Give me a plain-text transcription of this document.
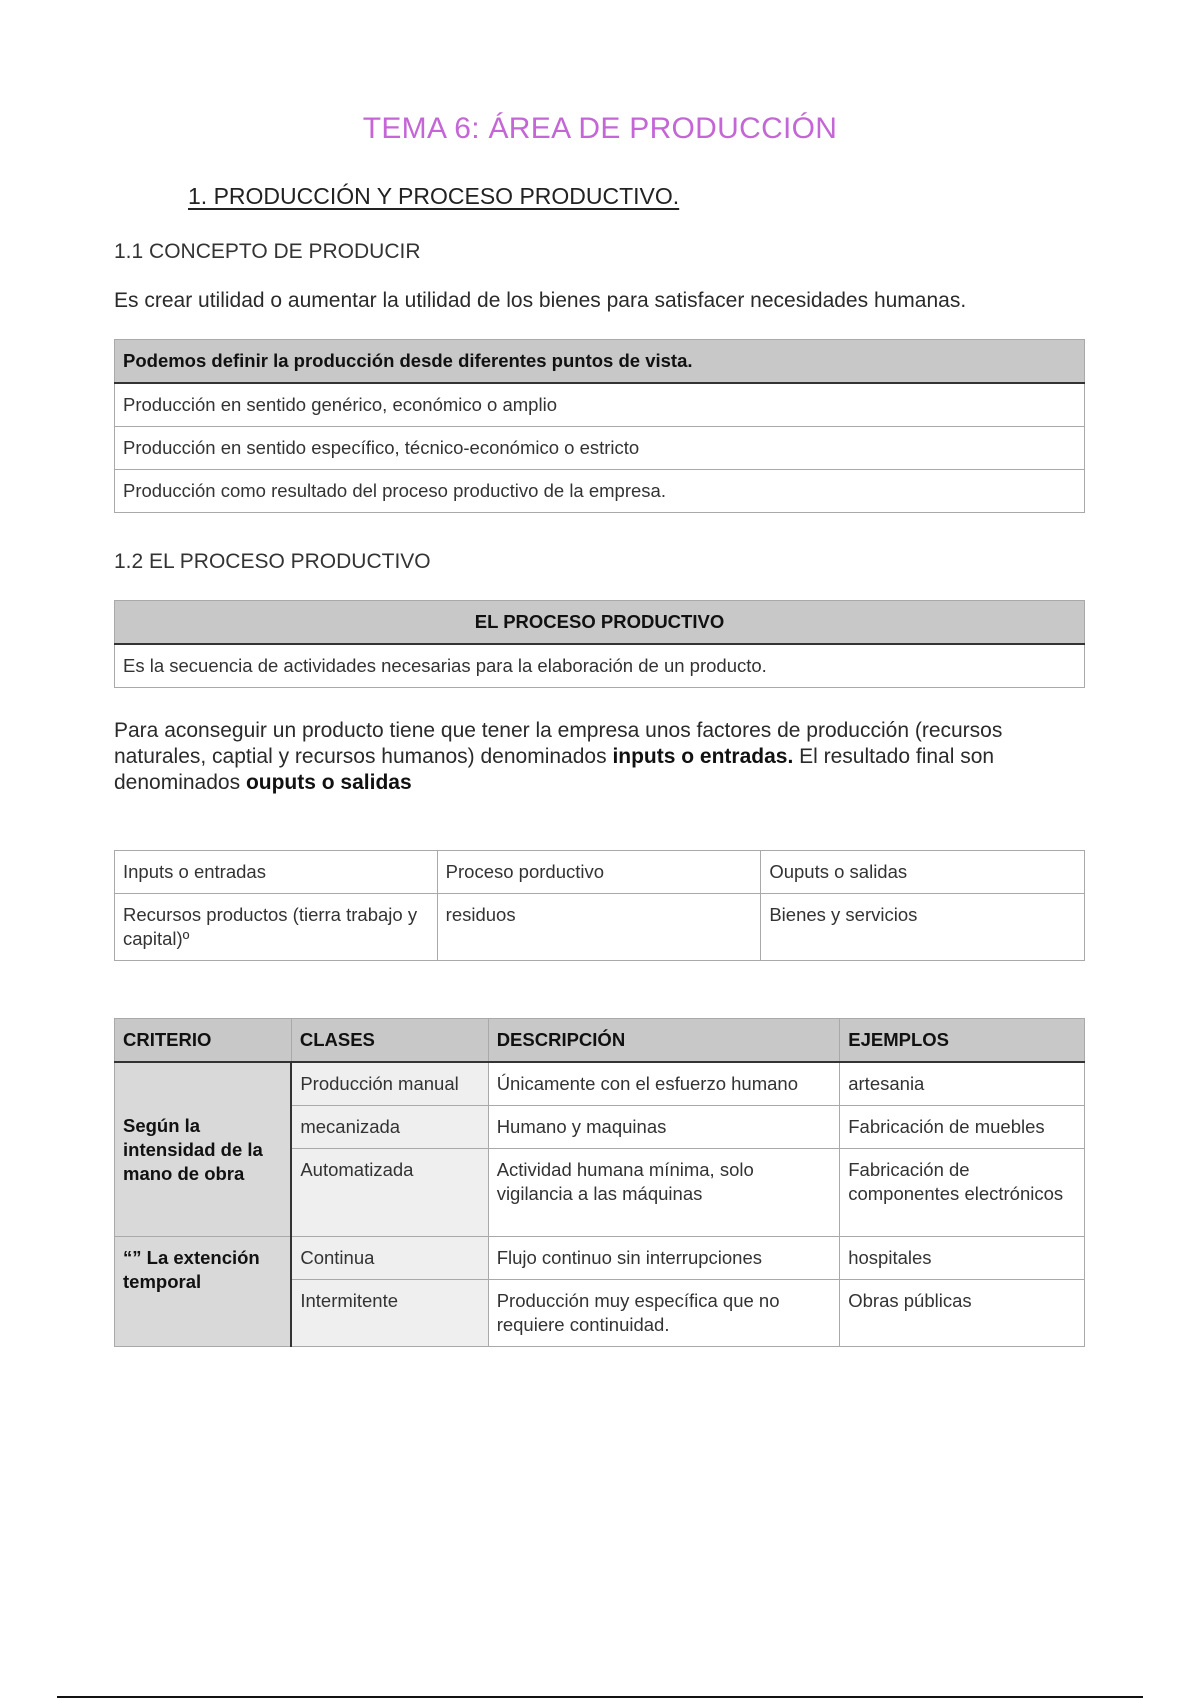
TEMA 6: ÁREA DE PRODUCCIÓN
1. PRODUCCIÓN Y PROCESO PRODUCTIVO.
1.1 CONCEPTO DE PRODUCIR
Es crear utilidad o aumentar la utilidad de los bienes para satisfacer necesidades humanas.
Podemos definir la producción desde diferentes puntos de vista.
Producción en sentido genérico, económico o amplio
Producción en sentido específico, técnico-económico o estricto
Producción como resultado del proceso productivo de la empresa.
1.2 EL PROCESO PRODUCTIVO
EL PROCESO PRODUCTIVO
Es la secuencia de actividades necesarias para la elaboración de un producto.
Para aconseguir un producto tiene que tener la empresa unos factores de producción (recursos naturales, captial y recursos humanos) denominados inputs o entradas. El resultado final son denominados ouputs o salidas
Inputs o entradas	Proceso porductivo	Ouputs o salidas
Recursos productos (tierra trabajo y capital)º	residuos	Bienes y servicios
CRITERIO	CLASES	DESCRIPCIÓN	EJEMPLOS
Según la intensidad de la mano de obra	Producción manual	Únicamente con el esfuerzo humano	artesania
	mecanizada	Humano y maquinas	Fabricación de muebles
	Automatizada	Actividad humana mínima, solo vigilancia a las máquinas	Fabricación de componentes electrónicos
“” La extención temporal	Continua	Flujo continuo sin interrupciones	hospitales
	Intermitente	Producción muy específica que no requiere continuidad.	Obras públicas
